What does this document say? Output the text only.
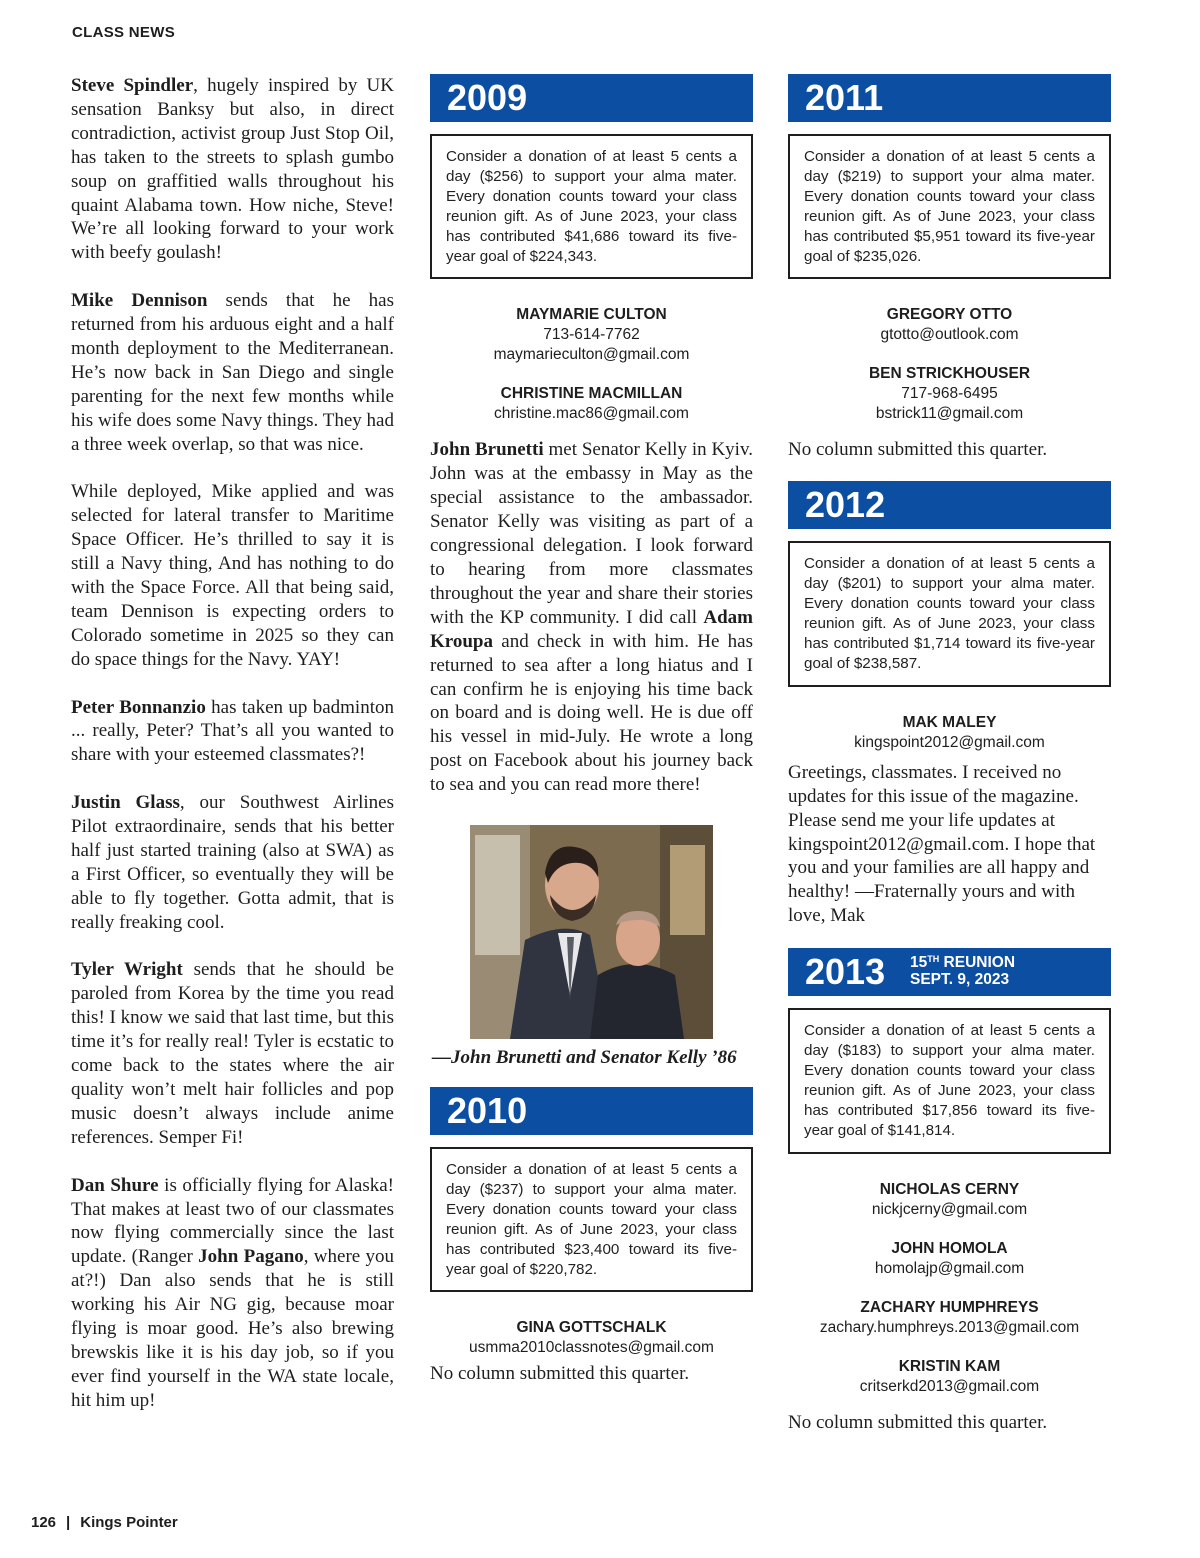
CLASS NEWS

Steve Spindler, hugely inspired by UK sensation Banksy but also, in direct contradiction, activist group Just Stop Oil, has taken to the streets to splash gumbo soup on graffitied walls throughout his quaint Alabama town. How niche, Steve! We’re all looking forward to your work with beefy goulash!

Mike Dennison sends that he has returned from his arduous eight and a half month deployment to the Mediterranean. He’s now back in San Diego and single parenting for the next few months while his wife does some Navy things. They had a three week overlap, so that was nice.

While deployed, Mike applied and was selected for lateral transfer to Maritime Space Officer. He’s thrilled to say it is still a Navy thing, And has nothing to do with the Space Force. All that being said, team Dennison is expecting orders to Colorado sometime in 2025 so they can do space things for the Navy. YAY!

Peter Bonnanzio has taken up badminton ... really, Peter? That’s all you wanted to share with your esteemed classmates?!

Justin Glass, our Southwest Airlines Pilot extraordinaire, sends that his better half just started training (also at SWA) as a First Officer, so eventually they will be able to fly together. Gotta admit, that is really freaking cool.

Tyler Wright sends that he should be paroled from Korea by the time you read this! I know we said that last time, but this time it’s for really real! Tyler is ecstatic to come back to the states where the air quality won’t melt hair follicles and pop music doesn’t always include anime references. Semper Fi!

Dan Shure is officially flying for Alaska! That makes at least two of our classmates now flying commercially since the last update. (Ranger John Pagano, where you at?!) Dan also sends that he is still working his Air NG gig, because moar flying is moar good. He’s also brewing brewskis like it is his day job, so if you ever find yourself in the WA state locale, hit him up!

2009
Consider a donation of at least 5 cents a day ($256) to support your alma mater. Every donation counts toward your class reunion gift. As of June 2023, your class has contributed $41,686 toward its five-year goal of $224,343.
MAYMARIE CULTON
713-614-7762
maymarieculton@gmail.com
CHRISTINE MACMILLAN
christine.mac86@gmail.com

John Brunetti met Senator Kelly in Kyiv. John was at the embassy in May as the special assistance to the ambassador. Senator Kelly was visiting as part of a congressional delegation. I look forward to hearing from more classmates throughout the year and share their stories with the KP community. I did call Adam Kroupa and check in with him. He has returned to sea after a long hiatus and I can confirm he is enjoying his time back on board and is doing well. He is due off his vessel in mid-July. He wrote a long post on Facebook about his journey back to sea and you can read more there!

—John Brunetti and Senator Kelly ’86
2010
Consider a donation of at least 5 cents a day ($237) to support your alma mater. Every donation counts toward your class reunion gift. As of June 2023, your class has contributed $23,400 toward its five-year goal of $220,782.
GINA GOTTSCHALK
usmma2010classnotes@gmail.com

No column submitted this quarter.

2011
Consider a donation of at least 5 cents a day ($219) to support your alma mater. Every donation counts toward your class reunion gift. As of June 2023, your class has contributed $5,951 toward its five-year goal of $235,026.
GREGORY OTTO
gtotto@outlook.com
BEN STRICKHOUSER
717-968-6495
bstrick11@gmail.com

No column submitted this quarter.

2012
Consider a donation of at least 5 cents a day ($201) to support your alma mater. Every donation counts toward your class reunion gift. As of June 2023, your class has contributed $1,714 toward its five-year goal of $238,587.
MAK MALEY
kingspoint2012@gmail.com

Greetings, classmates. I received no updates for this issue of the magazine. Please send me your life updates at kingspoint2012@gmail.com. I hope that you and your families are all happy and healthy! —Fraternally yours and with love, Mak

2013 15TH REUNION
SEPT. 9, 2023
Consider a donation of at least 5 cents a day ($183) to support your alma mater. Every donation counts toward your class reunion gift. As of June 2023, your class has contributed $17,856 toward its five-year goal of $141,814.
NICHOLAS CERNY
nickjcerny@gmail.com
JOHN HOMOLA
homolajp@gmail.com
ZACHARY HUMPHREYS
zachary.humphreys.2013@gmail.com
KRISTIN KAM
critserkd2013@gmail.com

No column submitted this quarter.

126 | Kings Pointer
